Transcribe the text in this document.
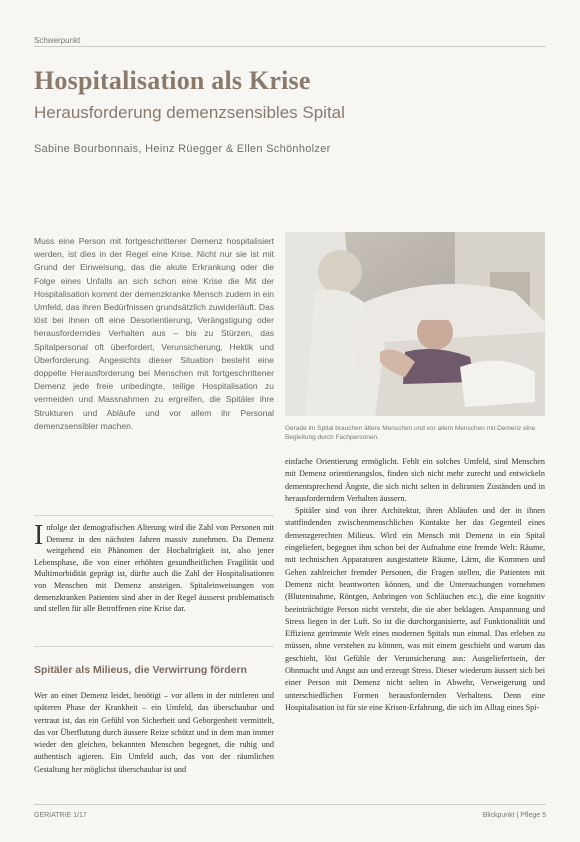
Schwerpunkt
Hospitalisation als Krise
Herausforderung demenzsensibles Spital
Sabine Bourbonnais, Heinz Rüegger & Ellen Schönholzer
Muss eine Person mit fortgeschrittener Demenz hospitalisiert werden, ist dies in der Regel eine Krise. Nicht nur sie ist mit Grund der Einweisung, das die akute Erkrankung oder die Folge eines Unfalls an sich schon eine Krise die Mit der Hospitalisation kommt der demenzkranke Mensch zudem in ein Umfeld, das ihren Bedürfnissen grundsätzlich zuwiderläuft. Das löst bei ihnen oft eine Desorientierung, Verängstigung oder herausforderndes Verhalten aus – bis zu Stürzen, das Spitalpersonal oft überfordert, Verunsicherung, Hektik und Überforderung. Angesichts dieser Situation besteht eine doppelte Herausforderung bei Menschen mit fortgeschrittener Demenz jede freie unbedingte, teilige Hospitalisation zu vermeiden und Massnahmen zu ergreifen, die Spitäler ihre Strukturen und Abläufe und vor allem ihr Personal demenzsensibler machen.	Gerade im Spital brauchen ältere Menschen und vor allem Menschen mit Demenz eine Begleitung durch Fachpersonen.
Infolge der demografischen Alterung wird die Zahl von Personen mit Demenz in den nächsten Jahren massiv zunehmen. Da Demenz weitgehend ein Phänomen der Hochaltrigkeit ist, also jener Lebensphase, die von einer erhöhten gesundheitlichen Fragilität und Multimorbidität geprägt ist, dürfte auch die Zahl der Hospitalisationen von Menschen mit Demenz ansteigen. Spitaleinweisungen von demenzkranken Patienten sind aber in der Regel äusserst problematisch und stellen für alle Betroffenen eine Krise dar.
Spitäler als Milieus, die Verwirrung fördern
Wer an einer Demenz leidet, benötigt – vor allem in der mittleren und späteren Phase der Krankheit – ein Umfeld, das überschaubar und vertraut ist, das ein Gefühl von Sicherheit und Geborgenheit vermittelt, das vor Überflutung durch äussere Reize schützt und in dem man immer wieder den gleichen, bekannten Menschen begegnet, die ruhig und authentisch agieren. Ein Umfeld auch, das von der räumlichen Gestaltung her möglichst überschaubar ist und

einfache Orientierung ermöglicht. Fehlt ein solches Umfeld, sind Menschen mit Demenz orientierungslos, finden sich nicht mehr zurecht und entwickeln dementsprechend Ängste, die sich nicht selten in deliranten Zuständen und in herausforderndem Verhalten äussern.

Spitäler sind von ihrer Architektur, ihren Abläufen und der in ihnen stattfindenden zwischenmenschlichen Kontakte her das Gegenteil eines demenzgerechten Milieus. Wird ein Mensch mit Demenz in ein Spital eingeliefert, begegnet ihm schon bei der Aufnahme eine fremde Welt: Räume, mit technischen Apparaturen ausgestattete Räume, Lärm, die Kommen und Gehen zahlreicher fremder Personen, die Fragen stellen, die Patienten mit Demenz nicht beantworten können, und die Untersuchungen vornehmen (Blutentnahme, Röntgen, Anbringen von Schläuchen etc.), die eine kognitiv beeinträchtigte Person nicht versteht, die sie aber beklagen. Anspannung und Stress liegen in der Luft. So ist die durchorganisierte, auf Funktionalität und Effizienz getrimmte Welt eines modernen Spitals nun einmal. Das erleben zu müssen, ohne verstehen zu können, was mit einem geschieht und warum das geschieht, löst Gefühle der Verunsicherung aus: Ausgeliefertsein, der Ohnmacht und Angst aus und erzeugt Stress. Dieser wiederum äussert sich bei einer Person mit Demenz nicht selten in Abwehr, Verweigerung und unterschiedlichen Formen herausfordernden Verhaltens. Denn eine Hospitalisation ist für sie eine Krisen-Erfahrung, die sich im Alltag eines Spi-

GERIATRIE 1/17	Blickpunkt | Pflege 5
